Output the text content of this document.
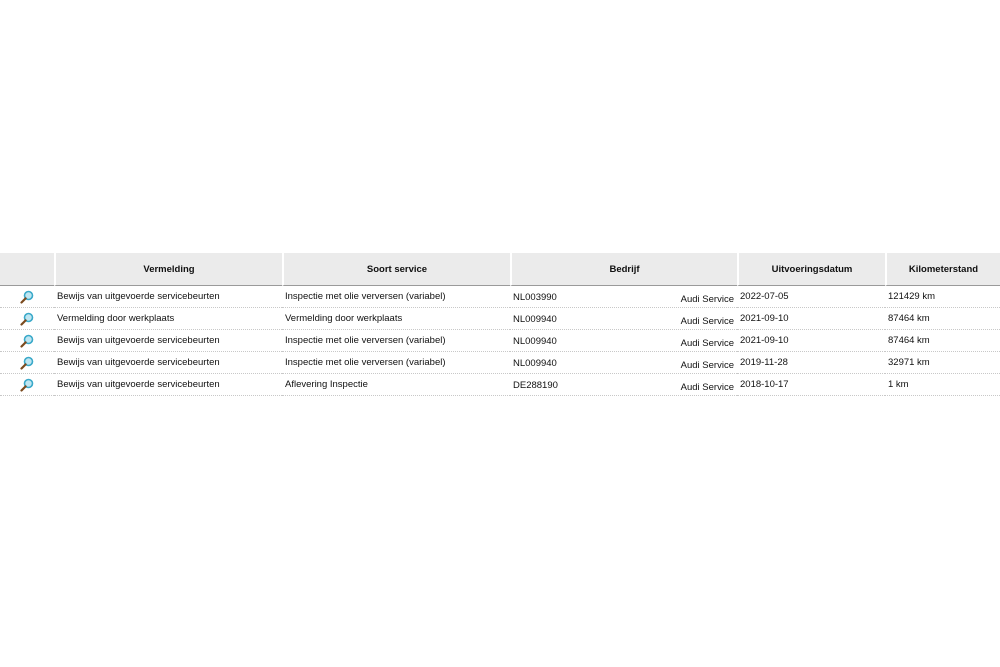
	Vermelding	Soort service	Bedrijf	Uitvoeringsdatum	Kilometerstand
	Bewijs van uitgevoerde servicebeurten	Inspectie met olie verversen (variabel)	NL003990 Audi Service	2022-07-05	121429 km
	Vermelding door werkplaats	Vermelding door werkplaats	NL009940 Audi Service	2021-09-10	87464 km
	Bewijs van uitgevoerde servicebeurten	Inspectie met olie verversen (variabel)	NL009940 Audi Service	2021-09-10	87464 km
	Bewijs van uitgevoerde servicebeurten	Inspectie met olie verversen (variabel)	NL009940 Audi Service	2019-11-28	32971 km
	Bewijs van uitgevoerde servicebeurten	Aflevering Inspectie	DE288190 Audi Service	2018-10-17	1 km
